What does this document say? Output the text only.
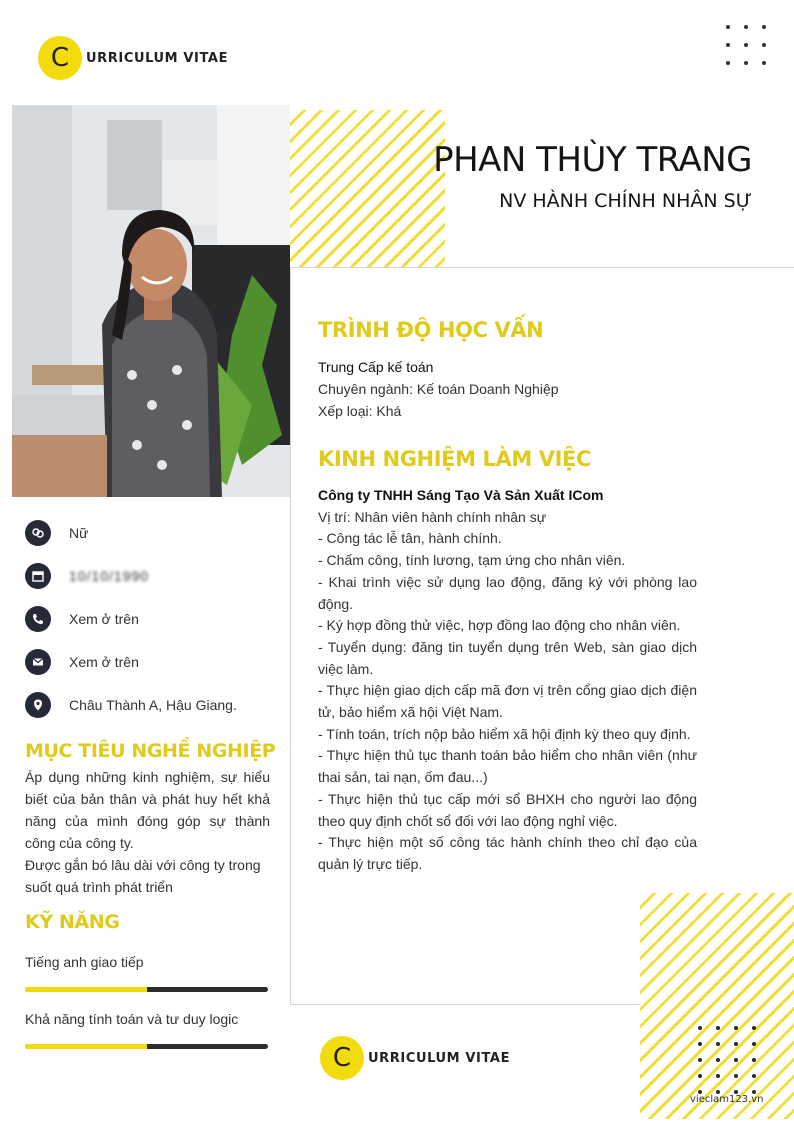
C	URRICULUM VITAE
PHAN THÙY TRANG
NV HÀNH CHÍNH NHÂN SỰ
Nữ
10/10/1990
Xem ở trên
Xem ở trên
Châu Thành A, Hậu Giang.
MỤC TIÊU NGHỀ NGHIỆP
Áp dụng những kinh nghiệm, sự hiểu biết của bản thân và phát huy hết khả năng của mình đóng góp sự thành công của công ty.
Được gắn bó lâu dài với công ty trong suốt quá trình phát triển
KỸ NĂNG
Tiếng anh giao tiếp
Khả năng tính toán và tư duy logic
TRÌNH ĐỘ HỌC VẤN
Trung Cấp kế toán
Chuyên ngành: Kế toán Doanh Nghiệp
Xếp loại: Khá
KINH NGHIỆM LÀM VIỆC
Công ty TNHH Sáng Tạo Và Sản Xuất ICom
Vị trí: Nhân viên hành chính nhân sự
- Công tác lễ tân, hành chính.
- Chấm công, tính lương, tạm ứng cho nhân viên.
- Khai trình việc sử dụng lao động, đăng ký với phòng lao động.
- Ký hợp đồng thử việc, hợp đồng lao động cho nhân viên.
- Tuyển dụng: đăng tin tuyển dụng trên Web, sàn giao dịch việc làm.
- Thực hiện giao dịch cấp mã đơn vị trên cổng giao dịch điện tử, bảo hiểm xã hội Việt Nam.
- Tính toán, trích nộp bảo hiểm xã hội định kỳ theo quy định.
- Thực hiện thủ tục thanh toán bảo hiểm cho nhân viên (như thai sản, tai nạn, ốm đau...)
- Thực hiện thủ tục cấp mới sổ BHXH cho người lao động theo quy định chốt sổ đối với lao động nghỉ việc.
- Thực hiện một số công tác hành chính theo chỉ đạo của quản lý trực tiếp.
C	URRICULUM VITAE
vieclam123.vn
